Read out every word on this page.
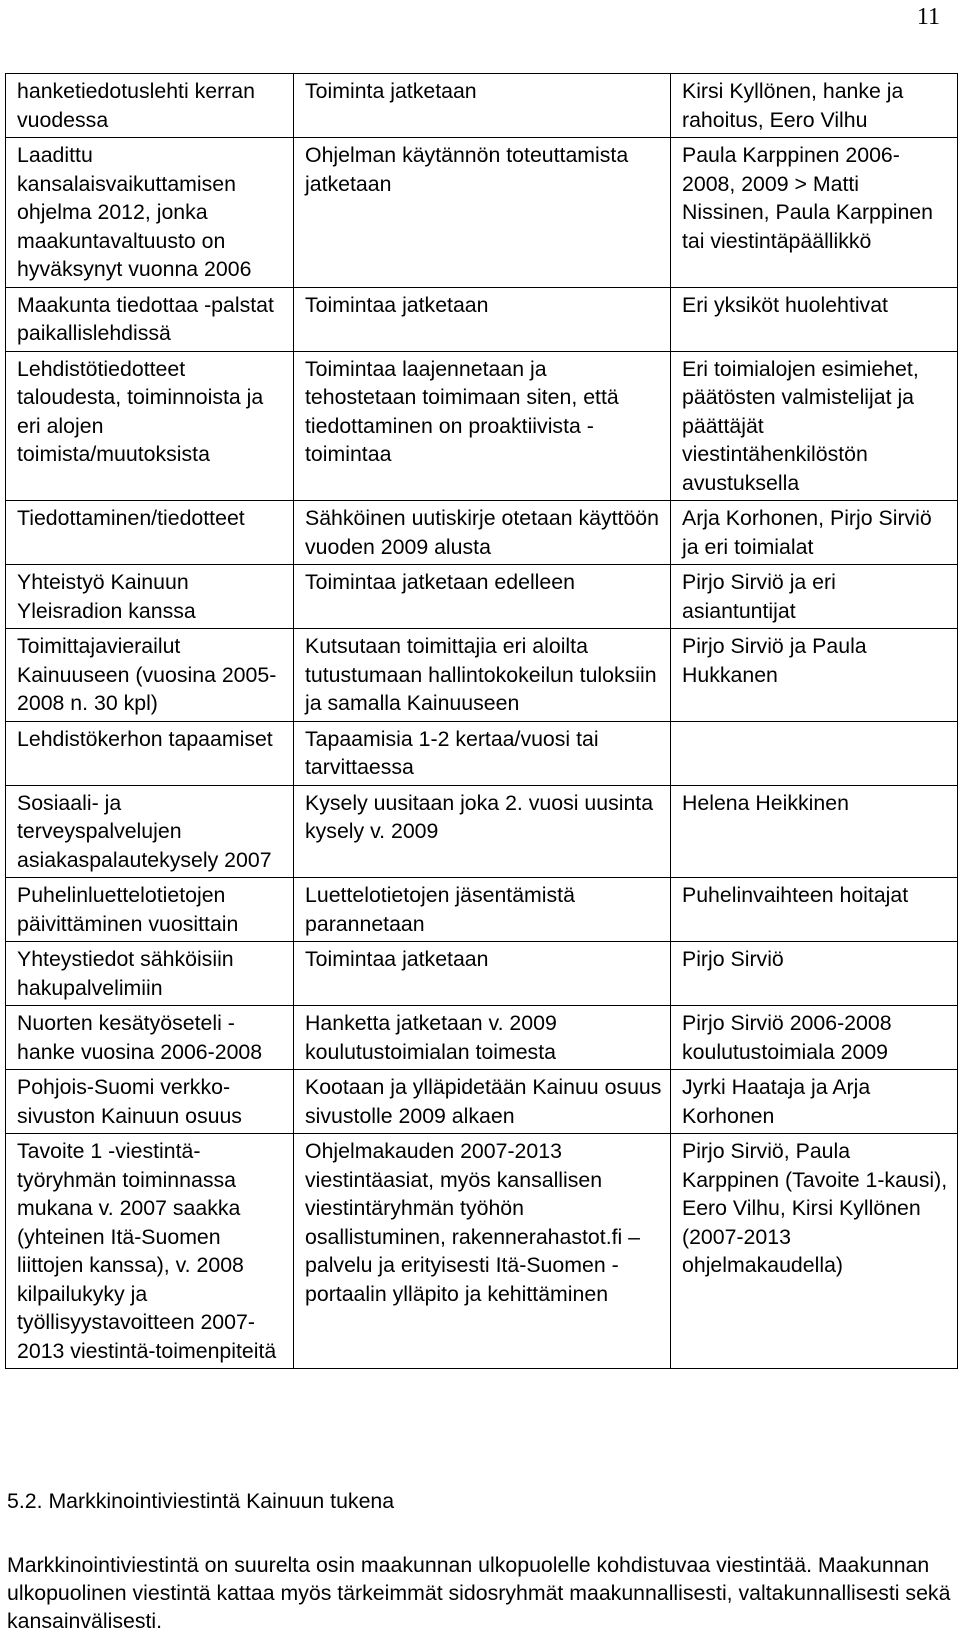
11
hanketiedotuslehti kerran vuodessa	Toiminta jatketaan	Kirsi Kyllönen, hanke ja rahoitus, Eero Vilhu
Laadittu kansalaisvaikuttamisen ohjelma 2012, jonka maakuntavaltuusto on hyväksynyt vuonna 2006	Ohjelman käytännön toteuttamista jatketaan	Paula Karppinen 2006-2008, 2009 > Matti Nissinen, Paula Karppinen tai viestintäpäällikkö
Maakunta tiedottaa -palstat paikallislehdissä	Toimintaa jatketaan	Eri yksiköt huolehtivat
Lehdistötiedotteet taloudesta, toiminnoista ja eri alojen toimista/muutoksista	Toimintaa laajennetaan ja tehostetaan toimimaan siten, että tiedottaminen on proaktiivista -toimintaa	Eri toimialojen esimiehet, päätösten valmistelijat ja päättäjät viestintähenkilöstön avustuksella
Tiedottaminen/tiedotteet	Sähköinen uutiskirje otetaan käyttöön vuoden 2009 alusta	Arja Korhonen, Pirjo Sirviö ja eri toimialat
Yhteistyö Kainuun Yleisradion kanssa	Toimintaa jatketaan edelleen	Pirjo Sirviö ja eri asiantuntijat
Toimittajavierailut Kainuuseen (vuosina 2005-2008 n. 30 kpl)	Kutsutaan toimittajia eri aloilta tutustumaan hallintokokeilun tuloksiin ja samalla Kainuuseen	Pirjo Sirviö ja Paula Hukkanen
Lehdistökerhon tapaamiset	Tapaamisia 1-2 kertaa/vuosi tai tarvittaessa	
Sosiaali- ja terveyspalvelujen asiakaspalautekysely 2007	Kysely uusitaan joka 2. vuosi uusinta kysely v. 2009	Helena Heikkinen
Puhelinluettelotietojen päivittäminen vuosittain	Luettelotietojen jäsentämistä parannetaan	Puhelinvaihteen hoitajat
Yhteystiedot sähköisiin hakupalvelimiin	Toimintaa jatketaan	Pirjo Sirviö
Nuorten kesätyöseteli -hanke vuosina 2006-2008	Hanketta jatketaan v. 2009 koulutustoimialan toimesta	Pirjo Sirviö 2006-2008 koulutustoimiala 2009
Pohjois-Suomi verkko-sivuston Kainuun osuus	Kootaan ja ylläpidetään Kainuu osuus sivustolle 2009 alkaen	Jyrki Haataja ja Arja Korhonen
Tavoite 1 -viestintä-työryhmän toiminnassa mukana v. 2007 saakka (yhteinen Itä-Suomen liittojen kanssa), v. 2008 kilpailukyky ja työllisyystavoitteen 2007-2013 viestintä-toimenpiteitä	Ohjelmakauden 2007-2013 viestintäasiat, myös kansallisen viestintäryhmän työhön osallistuminen, rakennerahastot.fi –palvelu ja erityisesti Itä-Suomen -portaalin ylläpito ja kehittäminen	Pirjo Sirviö, Paula Karppinen (Tavoite 1-kausi), Eero Vilhu, Kirsi Kyllönen (2007-2013 ohjelmakaudella)
5.2. Markkinointiviestintä Kainuun tukena
Markkinointiviestintä on suurelta osin maakunnan ulkopuolelle kohdistuvaa viestintää. Maakunnan ulkopuolinen viestintä kattaa myös tärkeimmät sidosryhmät maakunnallisesti, valtakunnallisesti sekä kansainvälisesti.
